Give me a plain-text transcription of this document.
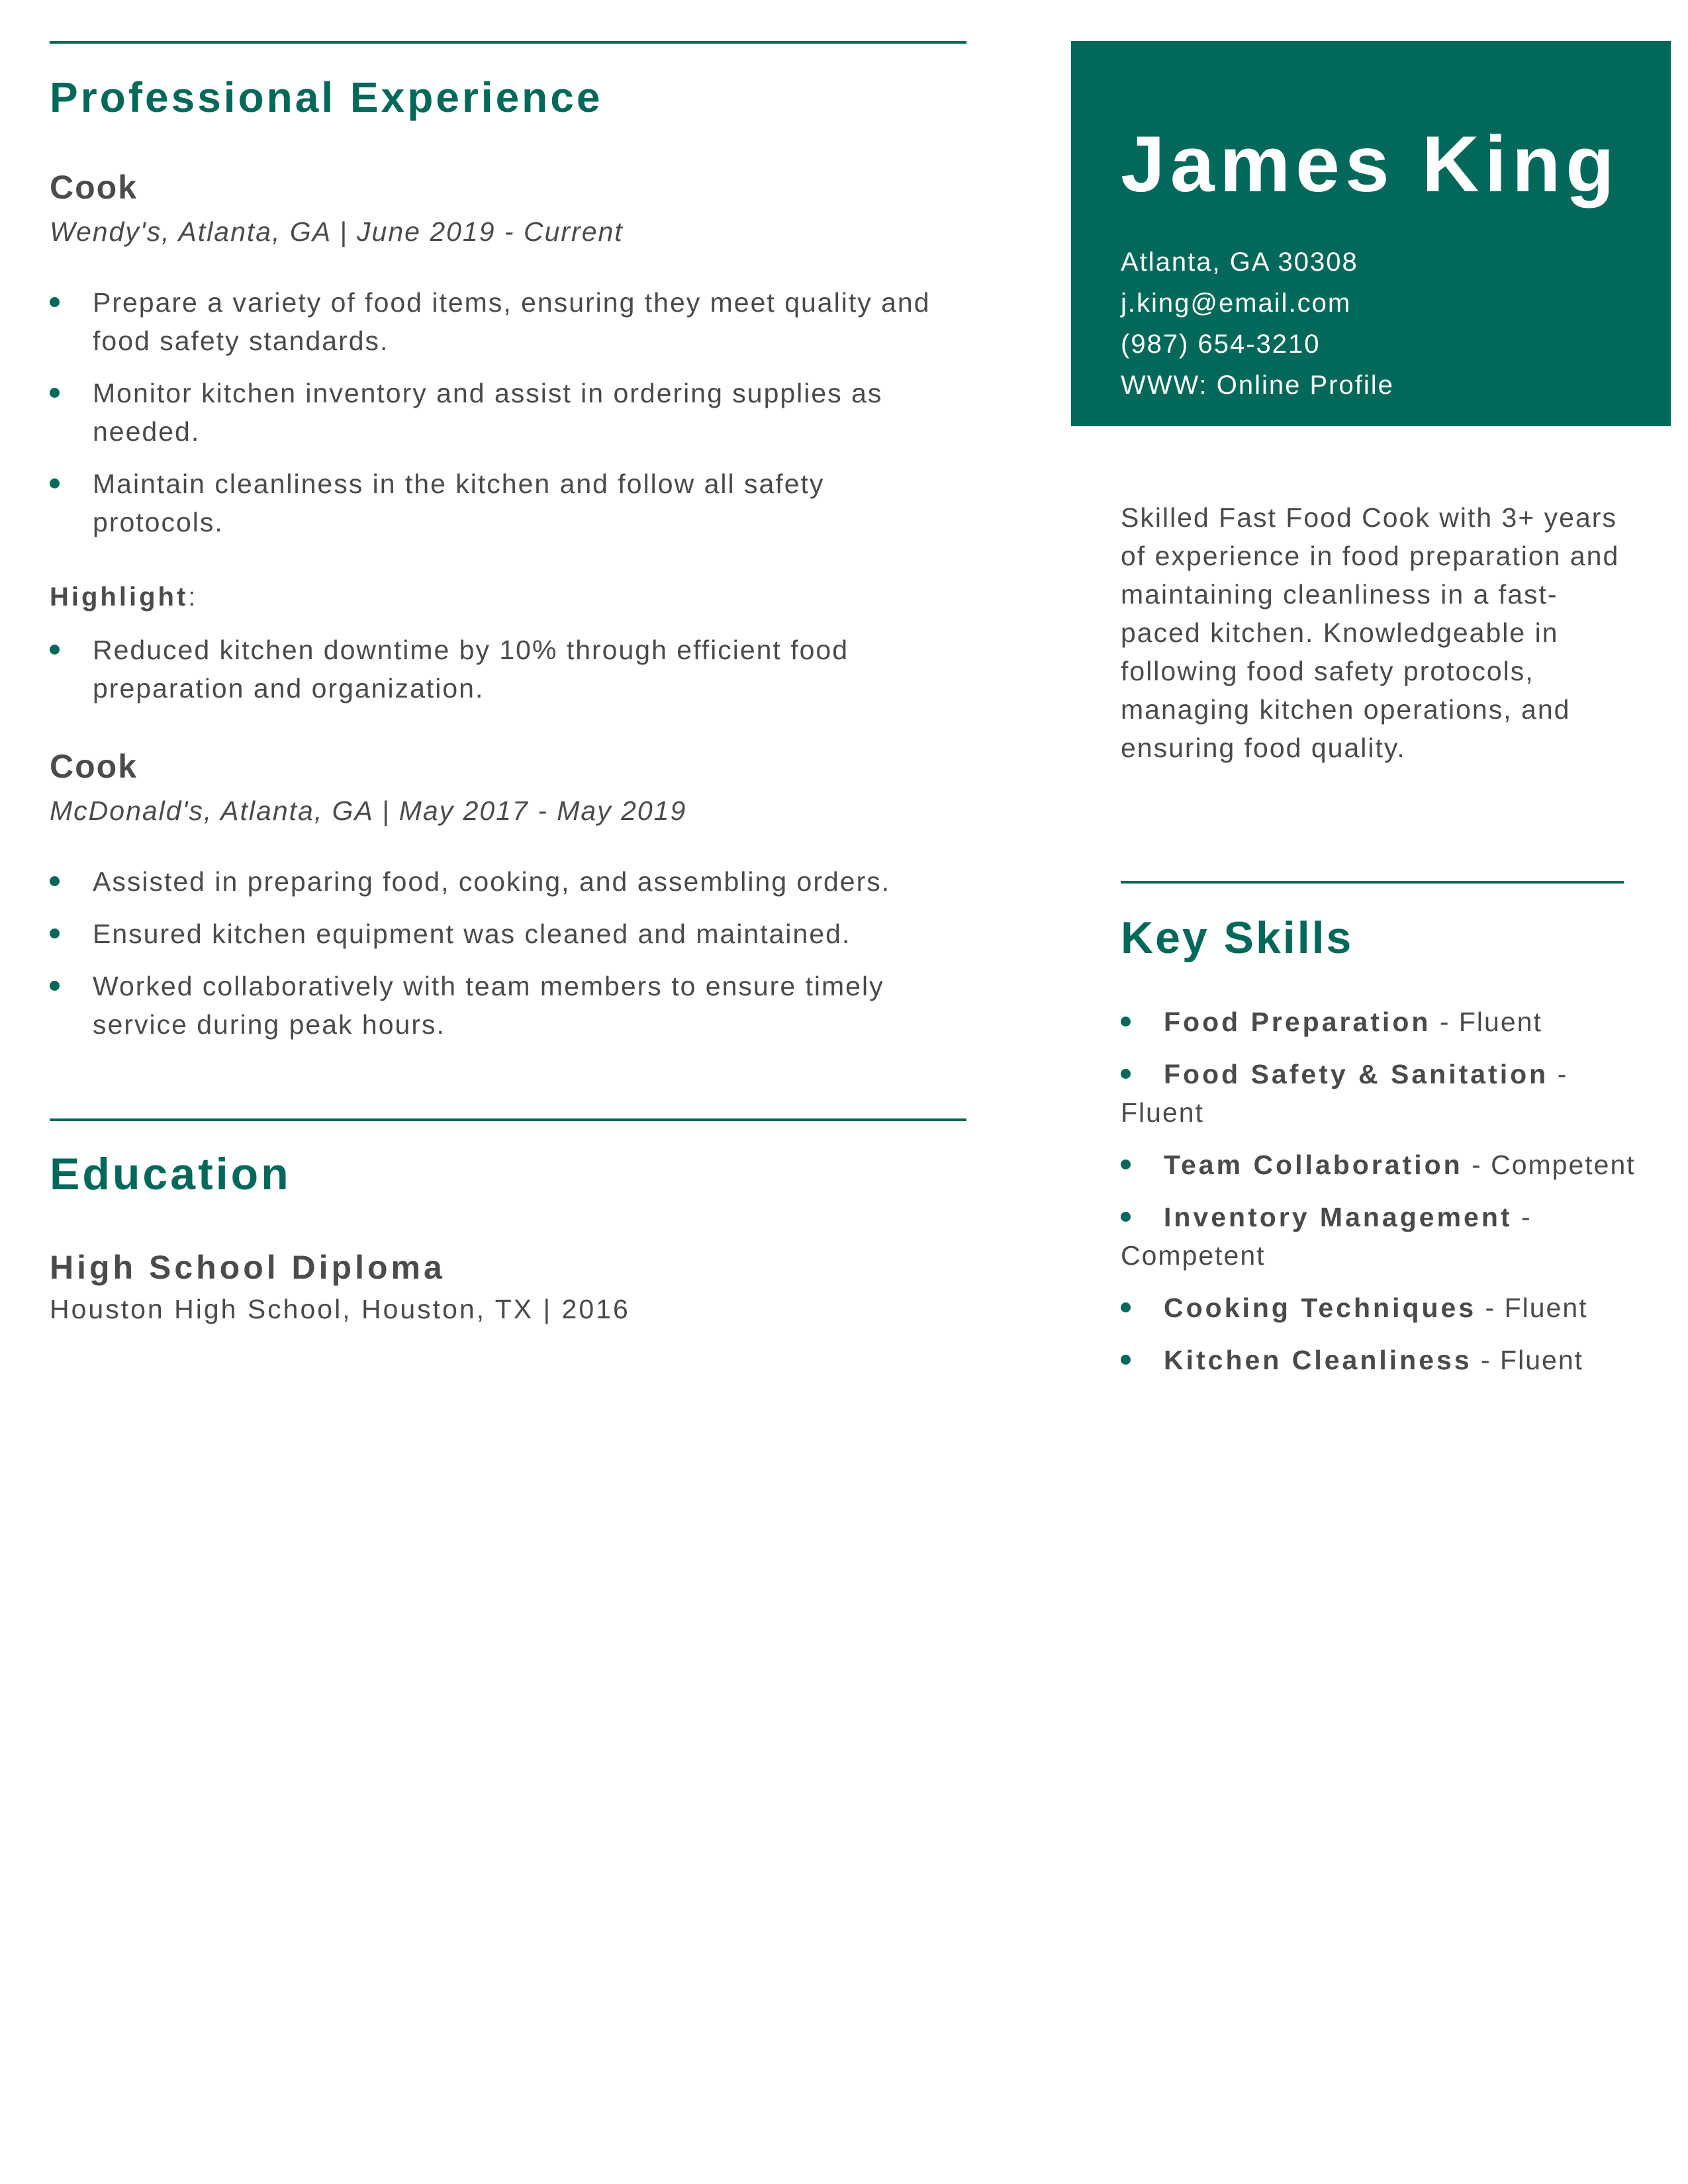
Professional Experience
Cook
Wendy's, Atlanta, GA | June 2019 - Current
Prepare a variety of food items, ensuring they meet quality and food safety standards.
Monitor kitchen inventory and assist in ordering supplies as needed.
Maintain cleanliness in the kitchen and follow all safety protocols.
Highlight:
Reduced kitchen downtime by 10% through efficient food preparation and organization.
Cook
McDonald's, Atlanta, GA | May 2017 - May 2019
Assisted in preparing food, cooking, and assembling orders.
Ensured kitchen equipment was cleaned and maintained.
Worked collaboratively with team members to ensure timely service during peak hours.
Education
High School Diploma
Houston High School, Houston, TX | 2016
James King
Atlanta, GA 30308
j.king@email.com
(987) 654-3210
WWW: Online Profile
Skilled Fast Food Cook with 3+ years of experience in food preparation and maintaining cleanliness in a fast-paced kitchen. Knowledgeable in following food safety protocols, managing kitchen operations, and ensuring food quality.
Key Skills
Food Preparation - Fluent
Food Safety & Sanitation - Fluent
Team Collaboration - Competent
Inventory Management - Competent
Cooking Techniques - Fluent
Kitchen Cleanliness - Fluent
